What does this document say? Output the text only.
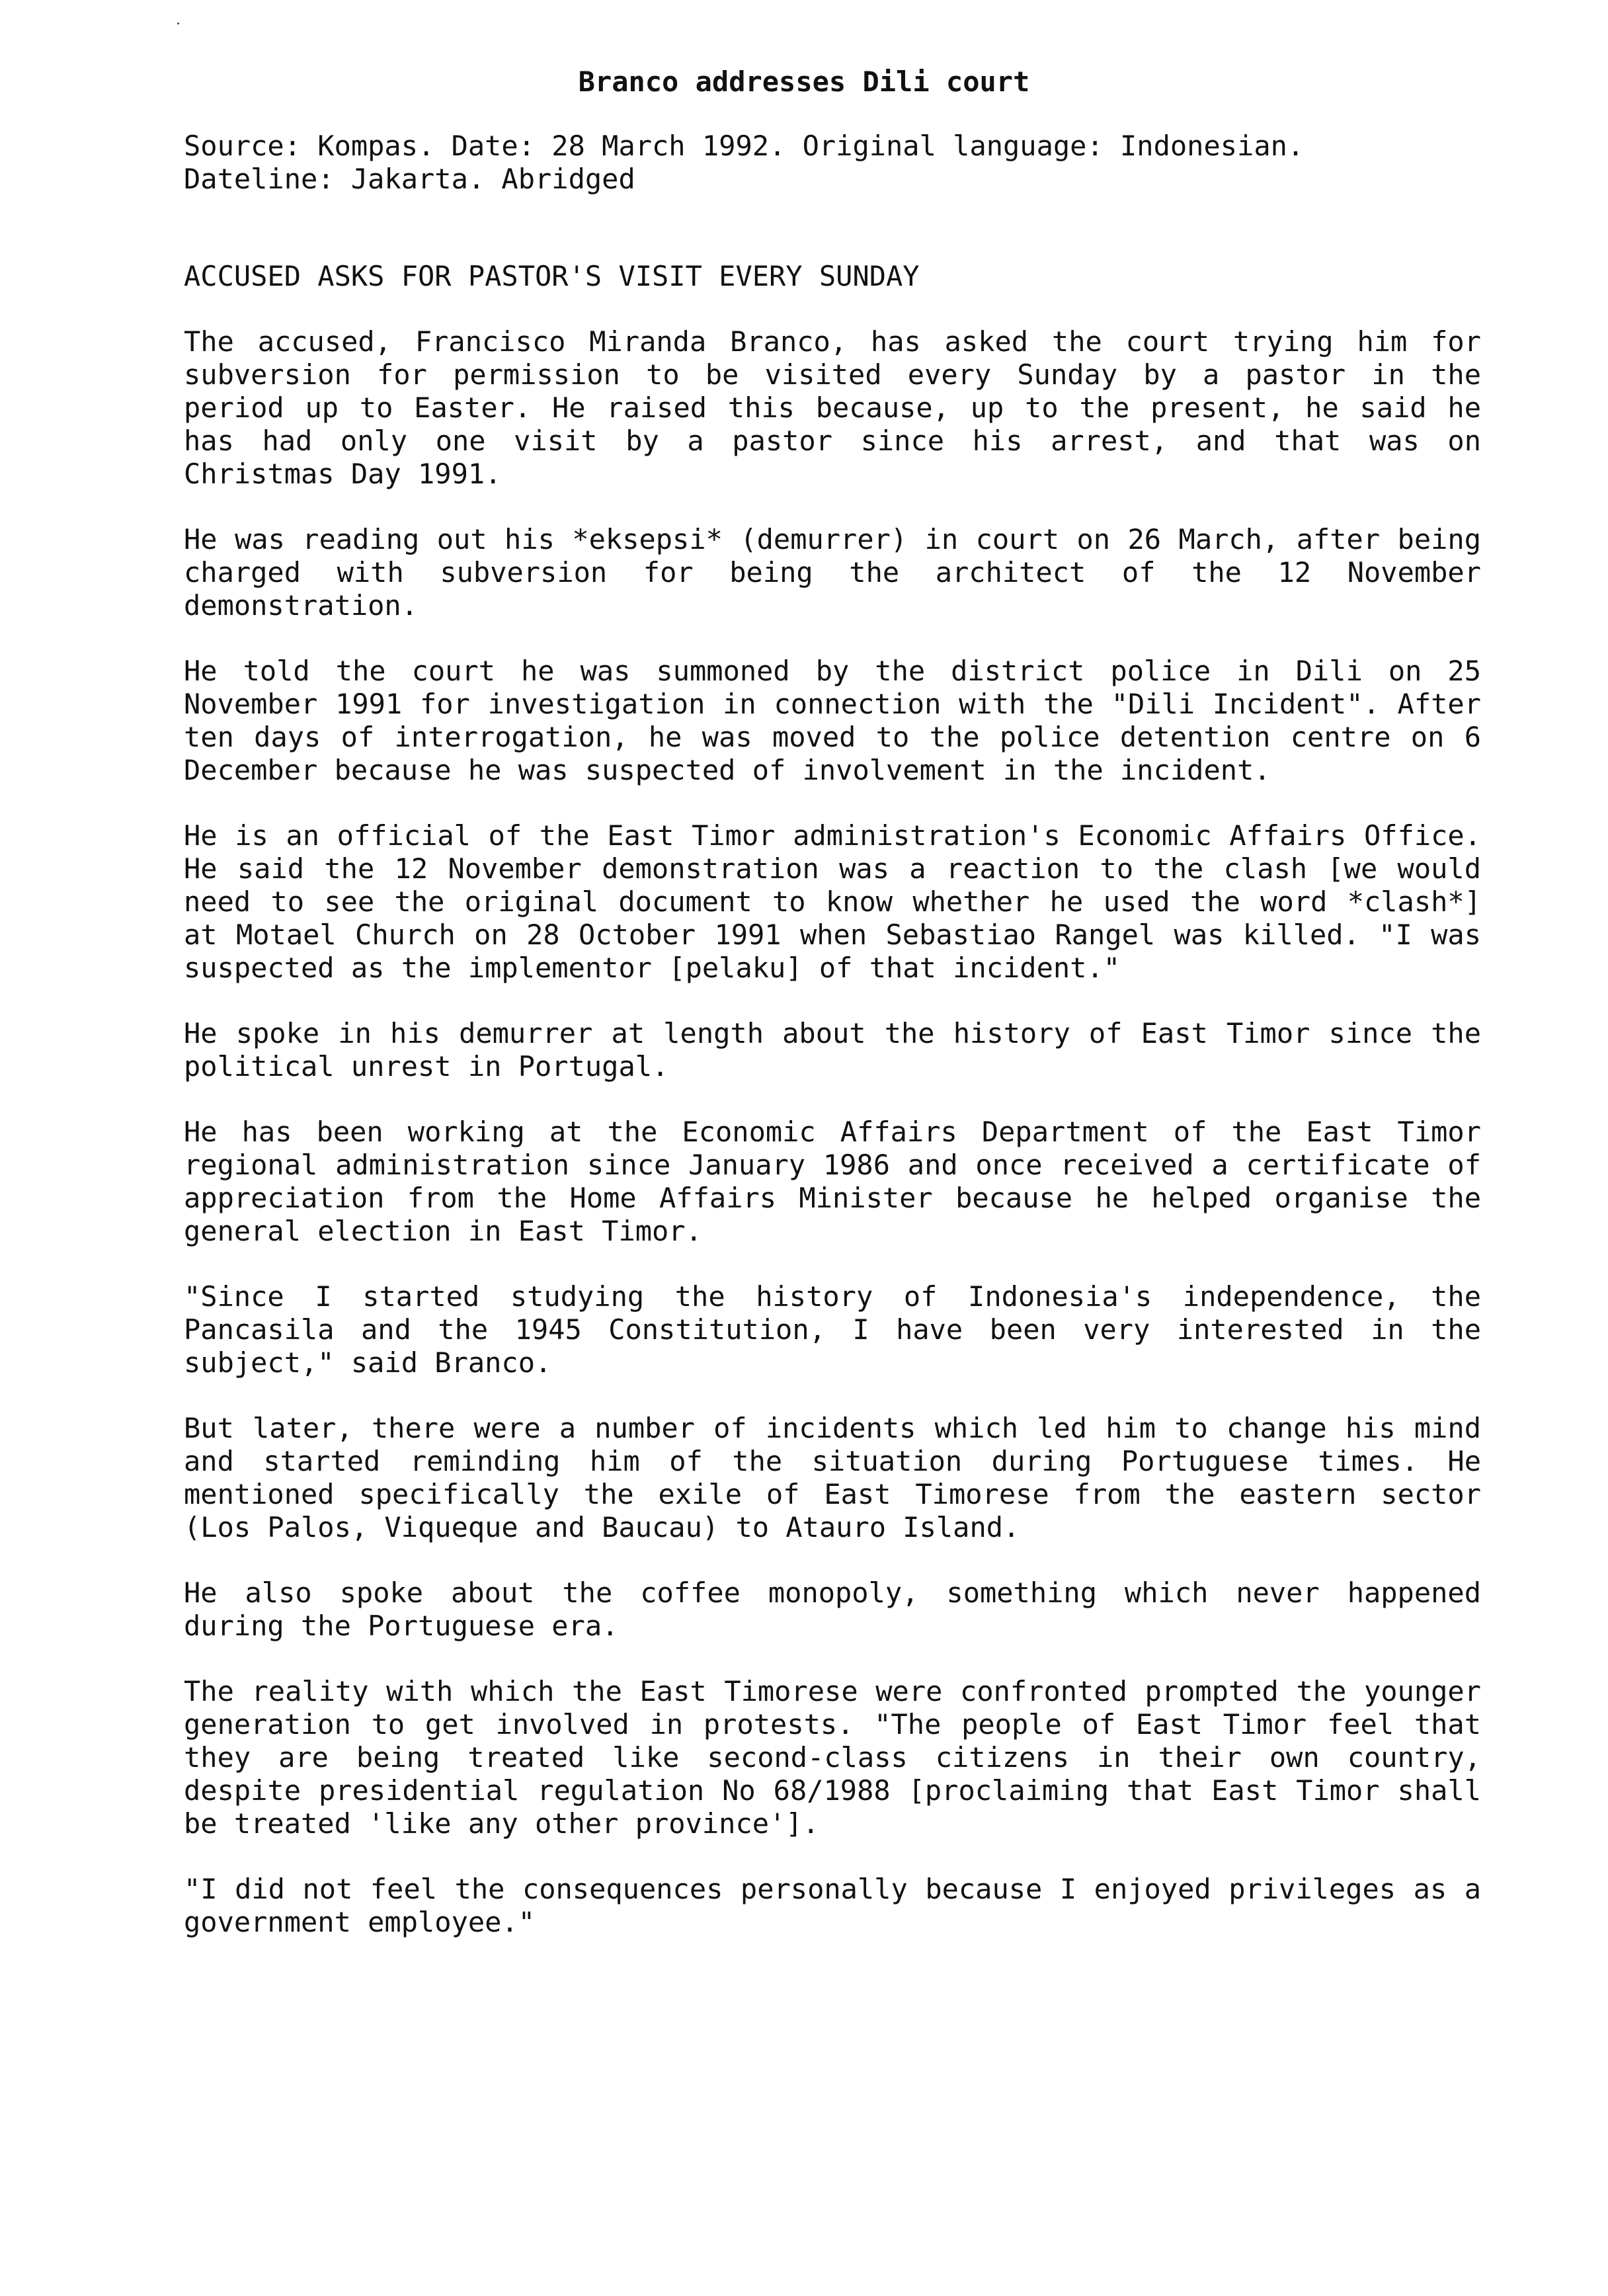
Branco addresses Dili court

Source: Kompas. Date: 28 March 1992. Original language: Indonesian.
Dateline: Jakarta. Abridged

ACCUSED ASKS FOR PASTOR'S VISIT EVERY SUNDAY

The accused, Francisco Miranda Branco, has asked the court trying him for subversion for permission to be visited every Sunday by a pastor in the period up to Easter. He raised this because, up to the present, he said he has had only one visit by a pastor since his arrest, and that was on Christmas Day 1991.

He was reading out his *eksepsi* (demurrer) in court on 26 March, after being charged with subversion for being the architect of the 12 November demonstration.

He told the court he was summoned by the district police in Dili on 25 November 1991 for investigation in connection with the "Dili Incident". After ten days of interrogation, he was moved to the police detention centre on 6 December because he was suspected of involvement in the incident.

He is an official of the East Timor administration's Economic Affairs Office. He said the 12 November demonstration was a reaction to the clash [we would need to see the original document to know whether he used the word *clash*] at Motael Church on 28 October 1991 when Sebastiao Rangel was killed. "I was suspected as the implementor [pelaku] of that incident."

He spoke in his demurrer at length about the history of East Timor since the political unrest in Portugal.

He has been working at the Economic Affairs Department of the East Timor regional administration since January 1986 and once received a certificate of appreciation from the Home Affairs Minister because he helped organise the general election in East Timor.

"Since I started studying the history of Indonesia's independence, the Pancasila and the 1945 Constitution, I have been very interested in the subject," said Branco.

But later, there were a number of incidents which led him to change his mind and started reminding him of the situation during Portuguese times. He mentioned specifically the exile of East Timorese from the eastern sector (Los Palos, Viqueque and Baucau) to Atauro Island.

He also spoke about the coffee monopoly, something which never happened during the Portuguese era.

The reality with which the East Timorese were confronted prompted the younger generation to get involved in protests. "The people of East Timor feel that they are being treated like second-class citizens in their own country, despite presidential regulation No 68/1988 [proclaiming that East Timor shall be treated 'like any other province'].

"I did not feel the consequences personally because I enjoyed privileges as a government employee."
